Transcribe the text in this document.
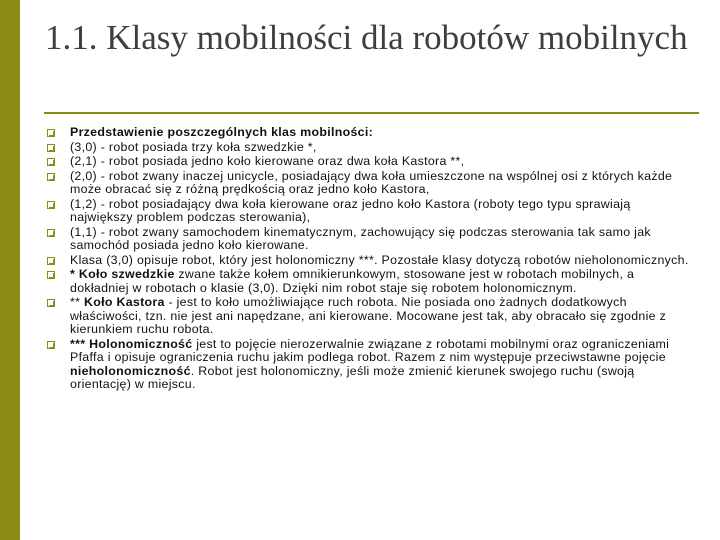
1.1. Klasy mobilności dla robotów mobilnych
Przedstawienie poszczególnych klas mobilności:
(3,0) - robot posiada trzy koła szwedzkie *,
(2,1) - robot posiada jedno koło kierowane oraz dwa koła Kastora **,
(2,0) - robot zwany inaczej unicycle, posiadający dwa koła umieszczone na wspólnej osi z których każde może obracać się z różną prędkością oraz jedno koło Kastora,
(1,2) - robot posiadający dwa koła kierowane oraz jedno koło Kastora (roboty tego typu sprawiają największy problem podczas sterowania),
(1,1) - robot zwany samochodem kinematycznym, zachowujący się podczas sterowania tak samo jak samochód posiada jedno koło kierowane.
Klasa (3,0) opisuje robot, który jest holonomiczny ***. Pozostałe klasy dotyczą robotów nieholonomicznych.
* Koło szwedzkie zwane także kołem omnikierunkowym, stosowane jest w robotach mobilnych, a dokładniej w robotach o klasie (3,0). Dzięki nim robot staje się robotem holonomicznym.
** Koło Kastora - jest to koło umożliwiające ruch robota. Nie posiada ono żadnych dodatkowych właściwości, tzn. nie jest ani napędzane, ani kierowane. Mocowane jest tak, aby obracało się zgodnie z kierunkiem ruchu robota.
*** Holonomiczność jest to pojęcie nierozerwalnie związane z robotami mobilnymi oraz ograniczeniami Pfaffa i opisuje ograniczenia ruchu jakim podlega robot. Razem z nim występuje przeciwstawne pojęcie nieholonomiczność. Robot jest holonomiczny, jeśli może zmienić kierunek swojego ruchu (swoją orientację) w miejscu.
